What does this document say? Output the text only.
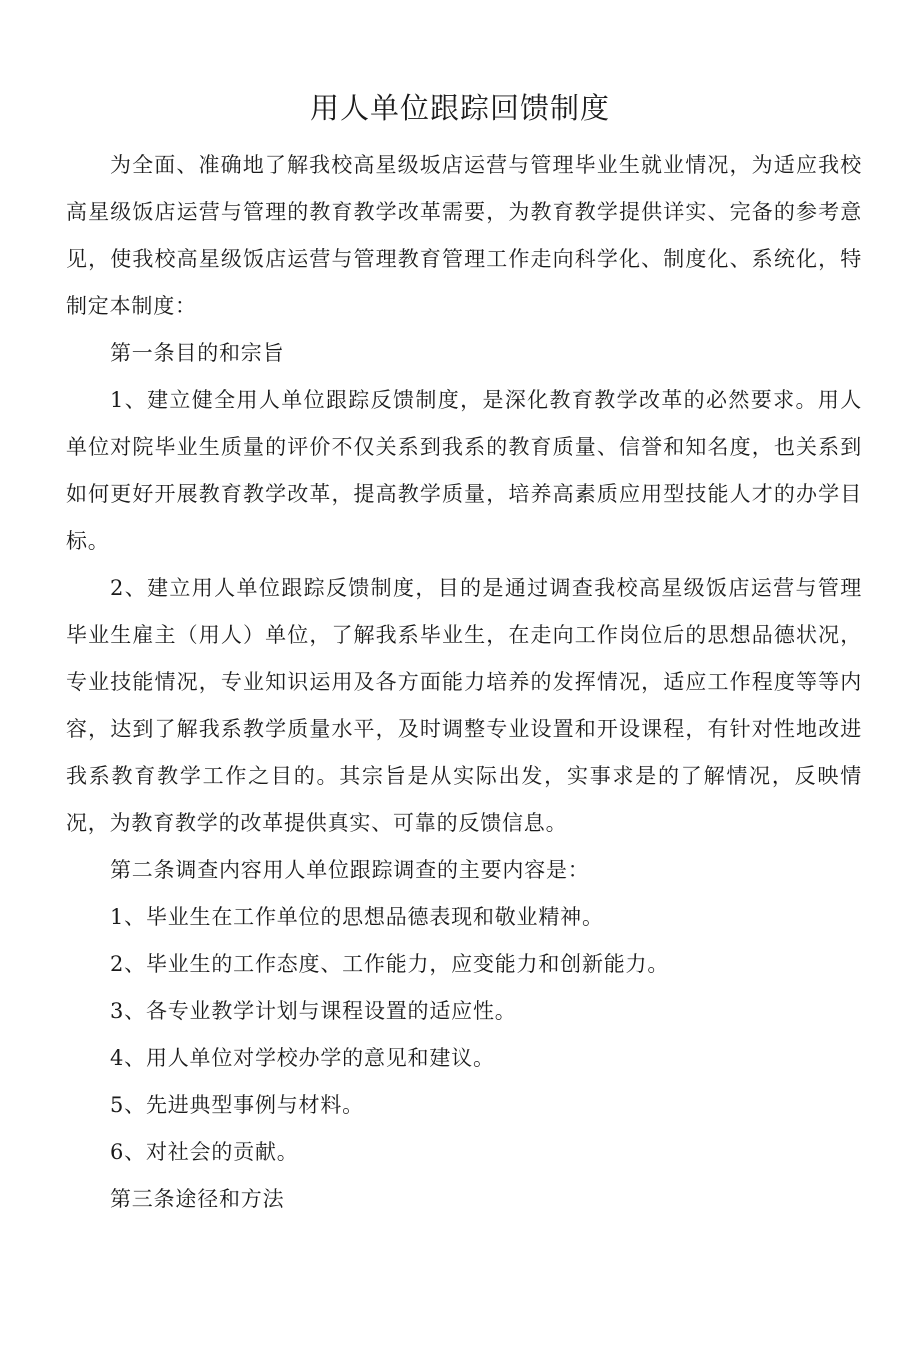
用人单位跟踪回馈制度

为全面、准确地了解我校高星级坂店运营与管理毕业生就业情况，为适应我校高星级饭店运营与管理的教育教学改革需要，为教育教学提供详实、完备的参考意见，使我校高星级饭店运营与管理教育管理工作走向科学化、制度化、系统化，特制定本制度：

第一条目的和宗旨

1、建立健全用人单位跟踪反馈制度，是深化教育教学改革的必然要求。用人单位对院毕业生质量的评价不仅关系到我系的教育质量、信誉和知名度，也关系到如何更好开展教育教学改革，提高教学质量，培养高素质应用型技能人才的办学目标。

2、建立用人单位跟踪反馈制度，目的是通过调查我校高星级饭店运营与管理毕业生雇主（用人）单位，了解我系毕业生，在走向工作岗位后的思想品德状况，专业技能情况，专业知识运用及各方面能力培养的发挥情况，适应工作程度等等内容，达到了解我系教学质量水平，及时调整专业设置和开设课程，有针对性地改进我系教育教学工作之目的。其宗旨是从实际出发，实事求是的了解情况，反映情况，为教育教学的改革提供真实、可靠的反馈信息。

第二条调查内容用人单位跟踪调查的主要内容是：

1、毕业生在工作单位的思想品德表现和敬业精神。

2、毕业生的工作态度、工作能力，应变能力和创新能力。

3、各专业教学计划与课程设置的适应性。

4、用人单位对学校办学的意见和建议。

5、先进典型事例与材料。

6、对社会的贡献。

第三条途径和方法
